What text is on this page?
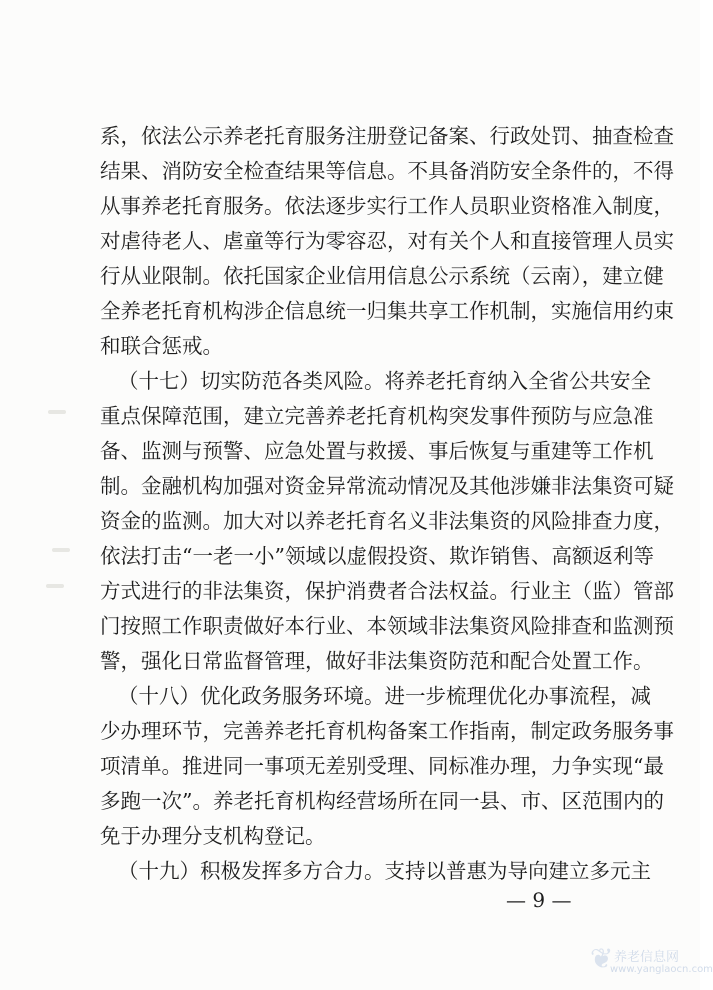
系，依法公示养老托育服务注册登记备案、行政处罚、抽查检查
结果、消防安全检查结果等信息。不具备消防安全条件的，不得
从事养老托育服务。依法逐步实行工作人员职业资格准入制度，
对虐待老人、虐童等行为零容忍，对有关个人和直接管理人员实
行从业限制。依托国家企业信用信息公示系统（云南），建立健
全养老托育机构涉企信息统一归集共享工作机制，实施信用约束
和联合惩戒。
（十七）切实防范各类风险。将养老托育纳入全省公共安全
重点保障范围，建立完善养老托育机构突发事件预防与应急准
备、监测与预警、应急处置与救援、事后恢复与重建等工作机
制。金融机构加强对资金异常流动情况及其他涉嫌非法集资可疑
资金的监测。加大对以养老托育名义非法集资的风险排查力度，
依法打击“一老一小”领域以虚假投资、欺诈销售、高额返利等
方式进行的非法集资，保护消费者合法权益。行业主（监）管部
门按照工作职责做好本行业、本领域非法集资风险排查和监测预
警，强化日常监督管理，做好非法集资防范和配合处置工作。
（十八）优化政务服务环境。进一步梳理优化办事流程，减
少办理环节，完善养老托育机构备案工作指南，制定政务服务事
项清单。推进同一事项无差别受理、同标准办理，力争实现“最
多跑一次”。养老托育机构经营场所在同一县、市、区范围内的
免于办理分支机构登记。
（十九）积极发挥多方合力。支持以普惠为导向建立多元主
— 9 —
❦ 养老信息网
www.yanglaocn.com
